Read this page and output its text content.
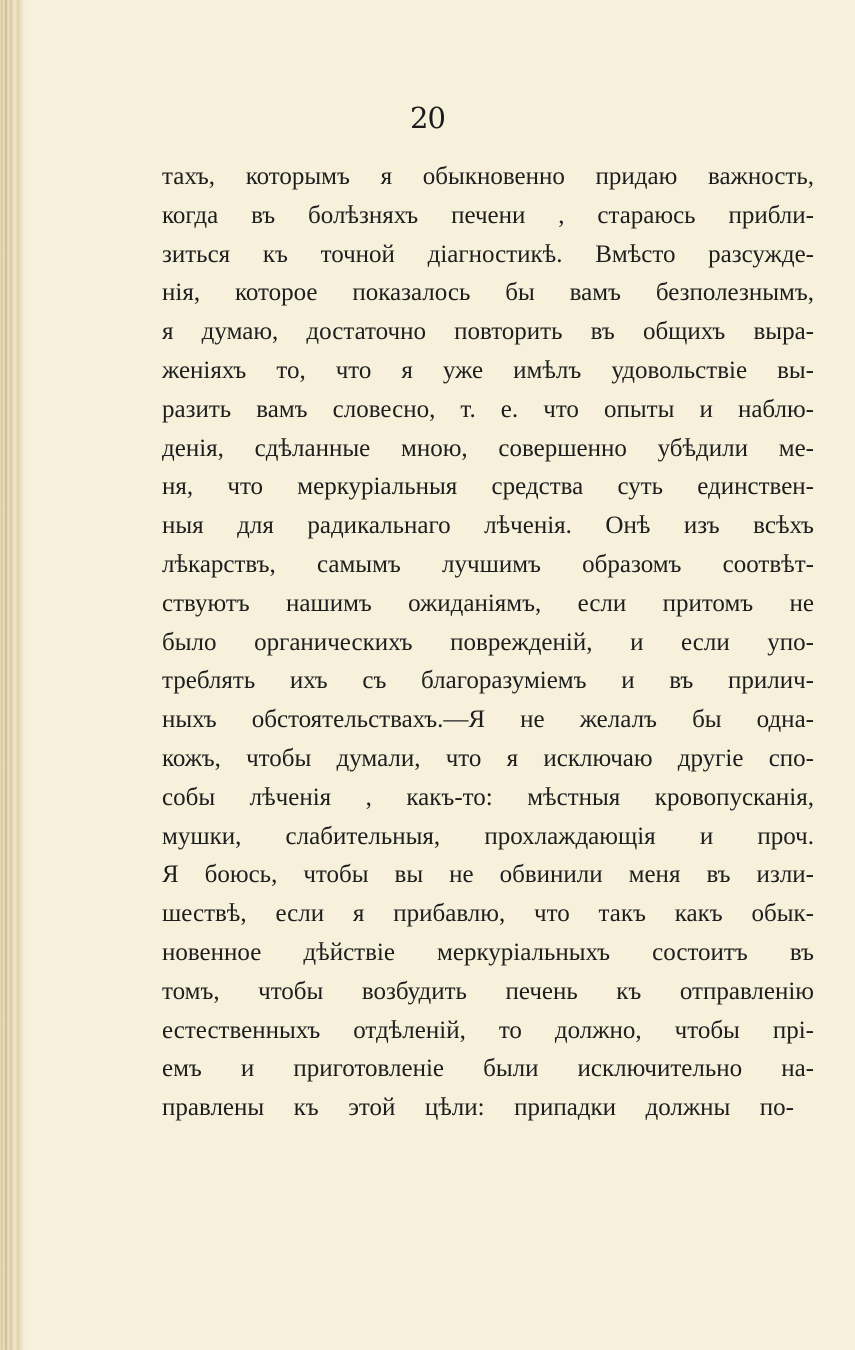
20
тахъ, которымъ я обыкновенно придаю важность,
когда въ болѣзняхъ печени , стараюсь прибли-
зиться къ точной діагностикѣ. Вмѣсто разсужде-
нія, которое показалось бы вамъ безполезнымъ,
я думаю, достаточно повторить въ общихъ выра-
женіяхъ то, что я уже имѣлъ удовольствіе вы-
разить вамъ словесно, т. е. что опыты и наблю-
денія, сдѣланные мною, совершенно убѣдили ме-
ня, что меркуріальныя средства суть единствен-
ныя для радикальнаго лѣченія. Онѣ изъ всѣхъ
лѣкарствъ, самымъ лучшимъ образомъ соотвѣт-
ствуютъ нашимъ ожиданіямъ, если притомъ не
было органическихъ поврежденій, и если упо-
треблять ихъ съ благоразуміемъ и въ прилич-
ныхъ обстоятельствахъ.—Я не желалъ бы одна-
кожъ, чтобы думали, что я исключаю другіе спо-
собы лѣченія , какъ-то: мѣстныя кровопусканія,
мушки, слабительныя, прохлаждающія и проч.
Я боюсь, чтобы вы не обвинили меня въ изли-
шествѣ, если я прибавлю, что такъ какъ обык-
новенное дѣйствіе меркуріальныхъ состоитъ въ
томъ, чтобы возбудить печень къ отправленію
естественныхъ отдѣленій, то должно, чтобы прі-
емъ и приготовленіе были исключительно на-
правлены къ этой цѣли: припадки должны по-
